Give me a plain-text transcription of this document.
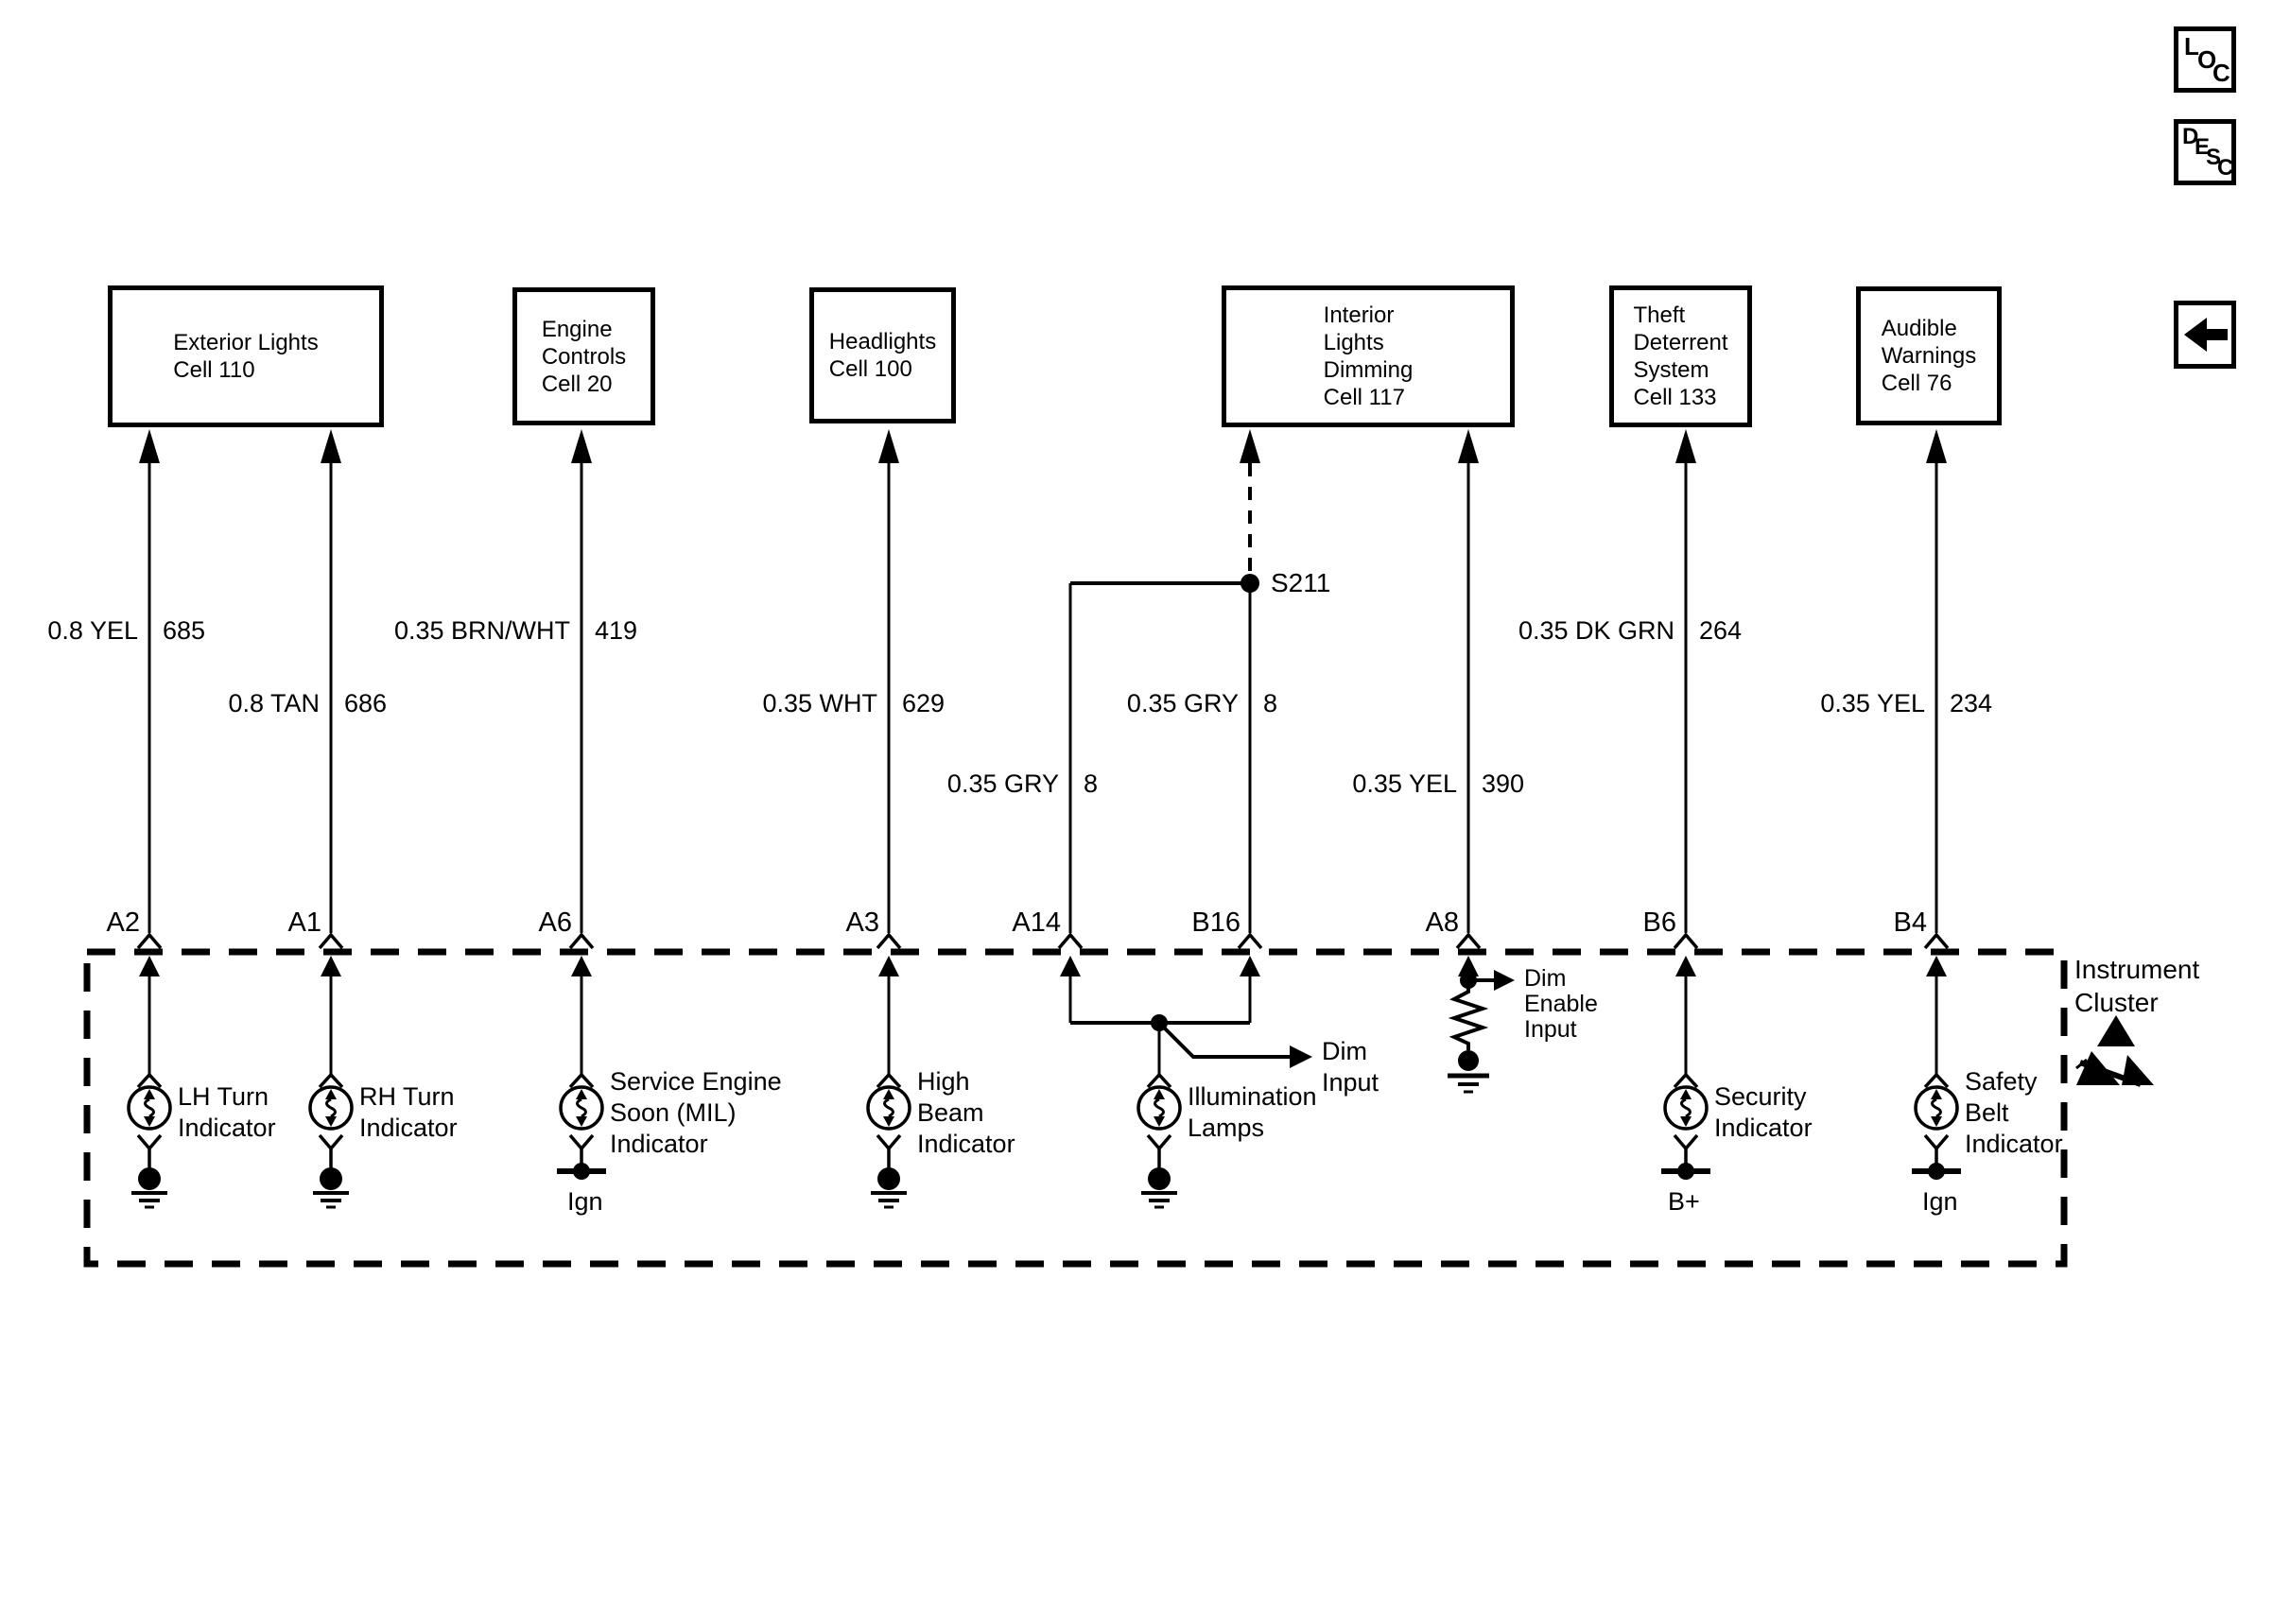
Exterior Lights
Cell 110
Engine
Controls
Cell 20
Headlights
Cell 100
Interior
Lights
Dimming
Cell 117
Theft
Deterrent
System
Cell 133
Audible
Warnings
Cell 76
0.8 YEL 685	0.35 BRN/WHT 419	0.35 DK GRN 264
0.8 TAN 686	0.35 WHT 629	0.35 GRY 8	0.35 YEL 234
0.35 GRY 8	0.35 YEL 390
S211
A2	A1	A6	A3	A14	B16	A8	B6	B4
LH Turn
Indicator
RH Turn
Indicator
Service Engine
Soon (MIL)
Indicator
High
Beam
Indicator
Illumination
Lamps
Security
Indicator
Safety
Belt
Indicator
Ign	B+	Ign
Dim
Input
Dim
Enable
Input
Instrument
Cluster
L
O
C
D
E
S
C
